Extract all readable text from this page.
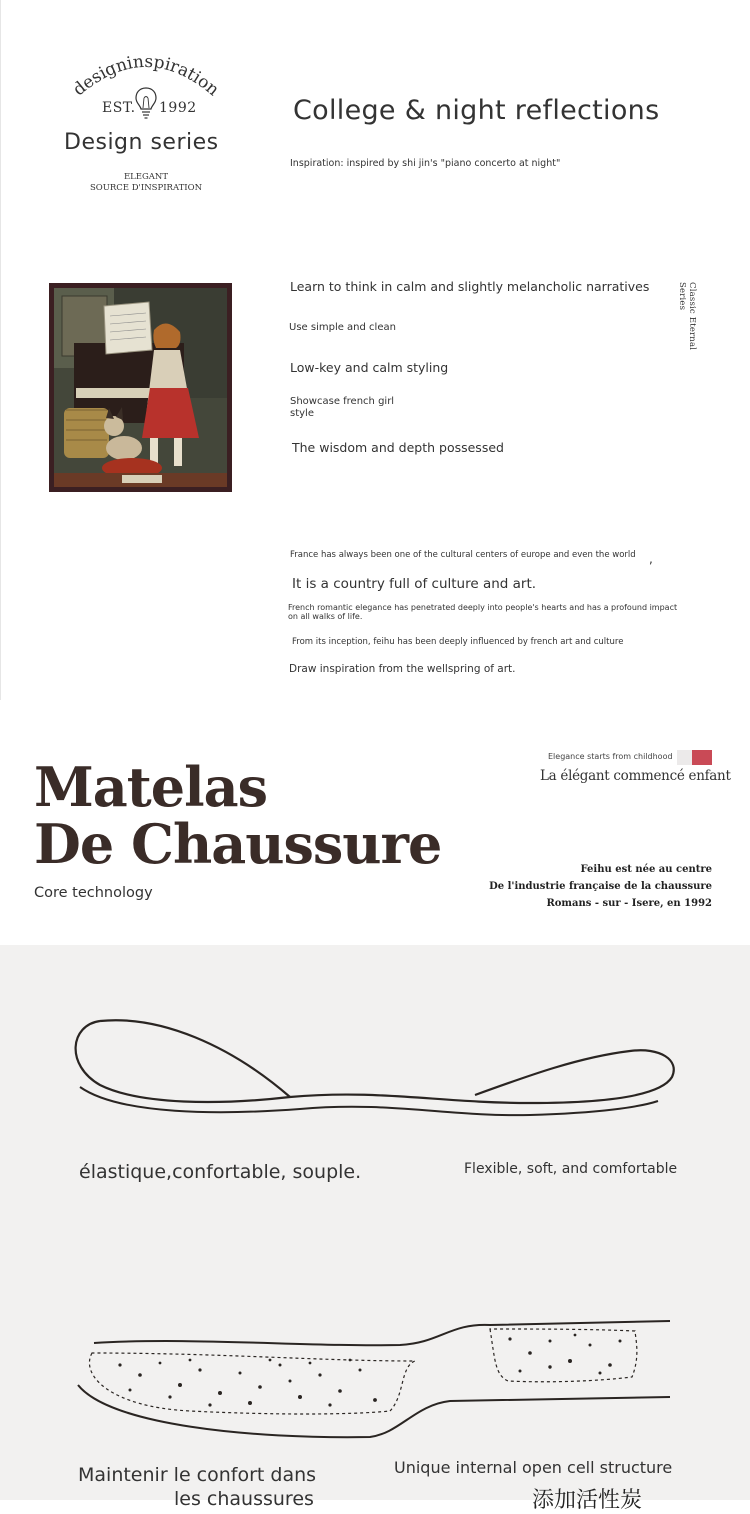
designinspiration
EST. 1992
Design series
ELEGANT
SOURCE D'INSPIRATION
College & night reflections
Inspiration: inspired by shi jin's "piano concerto at night"
Learn to think in calm and slightly melancholic narratives
Use simple and clean
Low-key and calm styling
Showcase french girl style
The wisdom and depth possessed
Classic Eternal Series
France has always been one of the cultural centers of europe and even the world ,
It is a country full of culture and art.
French romantic elegance has penetrated deeply into people's hearts and has a profound impact on all walks of life.
From its inception, feihu has been deeply influenced by french art and culture
Draw inspiration from the wellspring of art.
Matelas
De Chaussure
Core technology
Elegance starts from childhood
La élégant commencé enfant
Feihu est née au centre
De l'industrie française de la chaussure
Romans - sur - Isere, en 1992
élastique,confortable, souple.	Flexible, soft, and comfortable
Maintenir le confort dans
les chaussures
Unique internal open cell structure
添加活性炭
